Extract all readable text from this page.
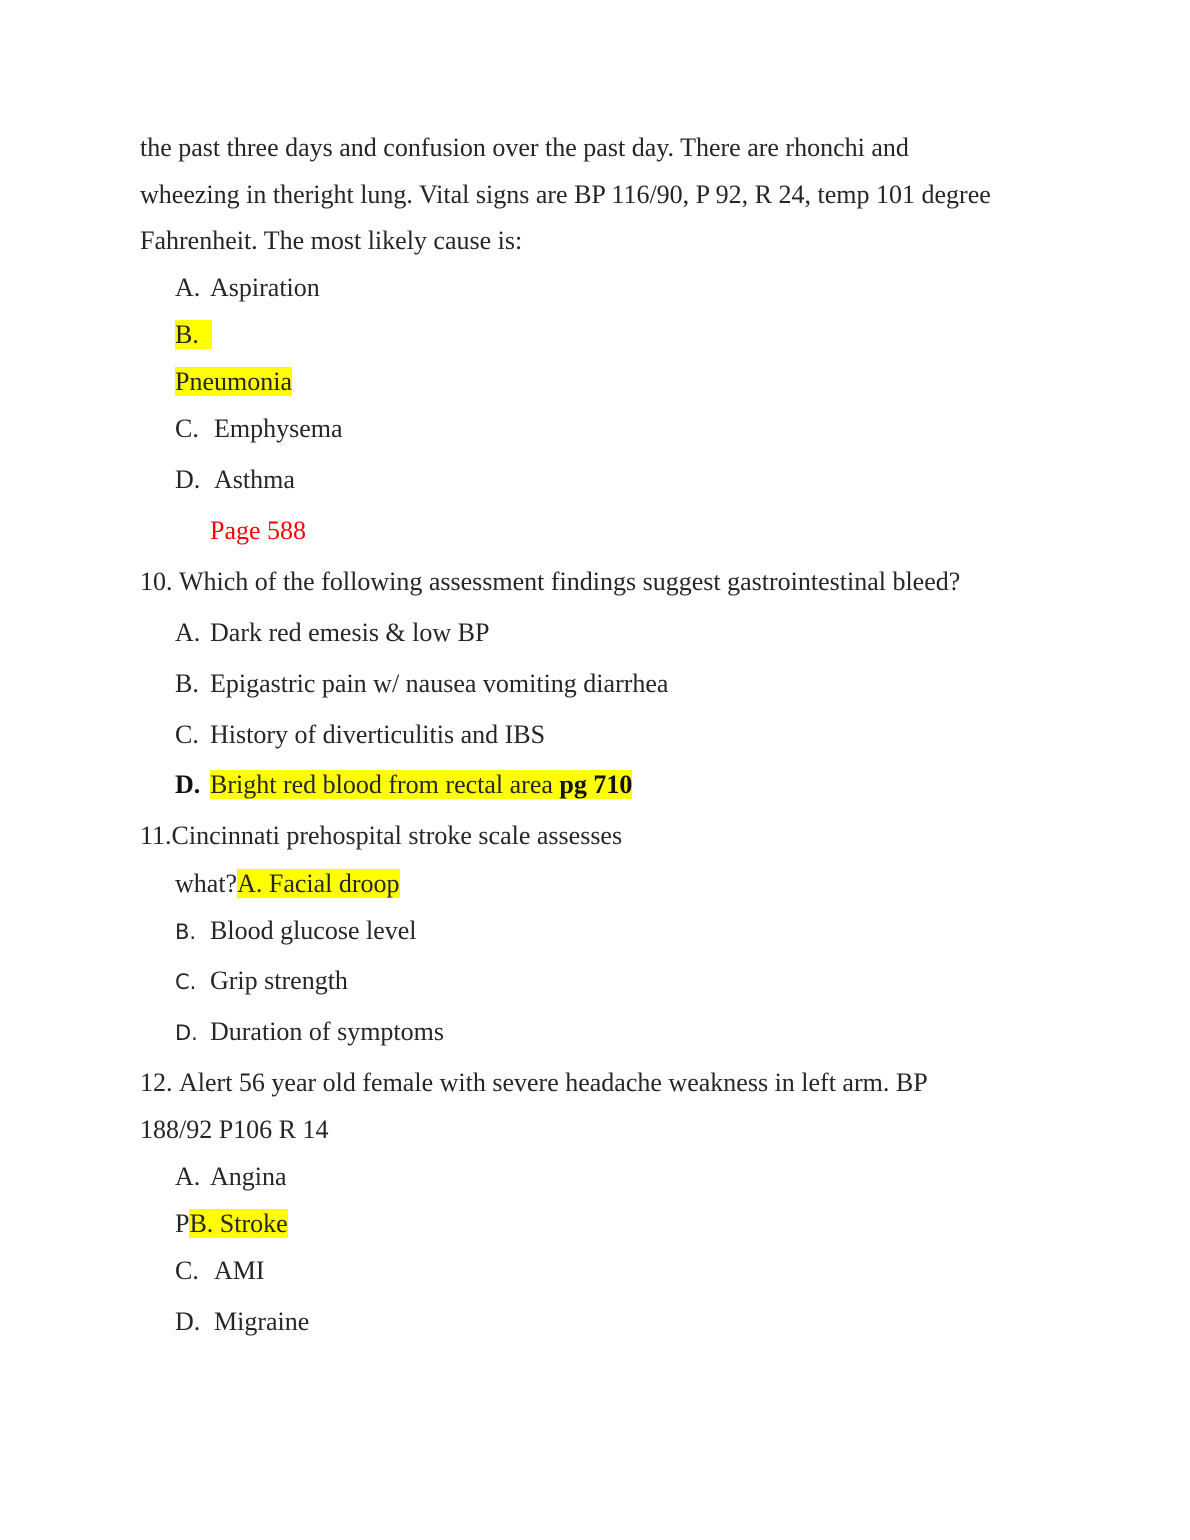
the past three days and confusion over the past day. There are rhonchi and
wheezing in theright lung. Vital signs are BP 116/90, P 92, R 24, temp 101 degree
Fahrenheit. The most likely cause is:
A. Aspiration
B.
Pneumonia
C. Emphysema
D. Asthma
Page 588
10. Which of the following assessment findings suggest gastrointestinal bleed?
A. Dark red emesis & low BP
B. Epigastric pain w/ nausea vomiting diarrhea
C. History of diverticulitis and IBS
D. Bright red blood from rectal area pg 710
11.Cincinnati prehospital stroke scale assesses
what?A. Facial droop
B. Blood glucose level
C. Grip strength
D. Duration of symptoms
12. Alert 56 year old female with severe headache weakness in left arm. BP
188/92 P106 R 14
A. Angina
PB. Stroke
C. AMI
D. Migraine
